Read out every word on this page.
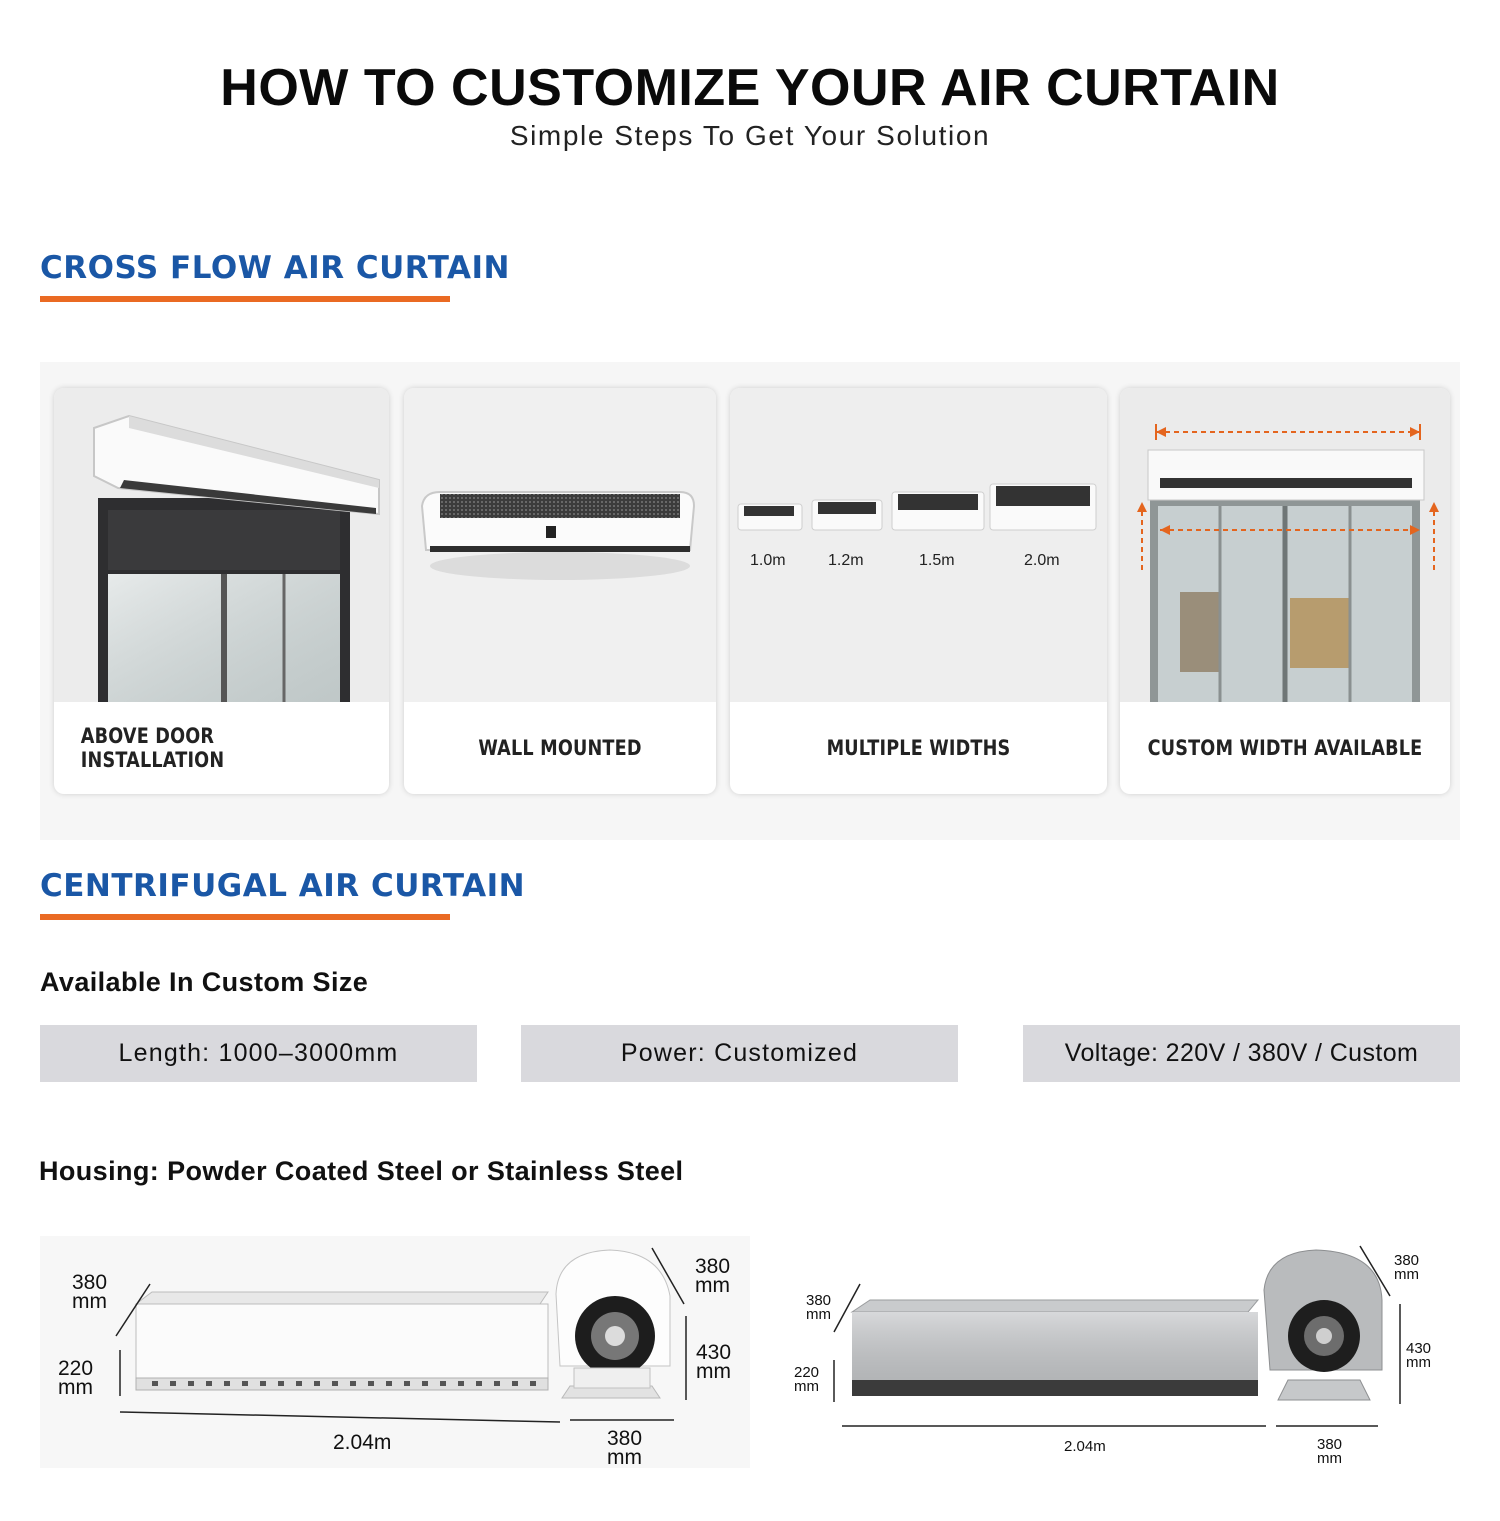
HOW TO CUSTOMIZE YOUR AIR CURTAIN
Simple Steps To Get Your Solution
CROSS FLOW AIR CURTAIN
ABOVE DOOR INSTALLATION	WALL MOUNTED
1.0m	1.2m	1.5m	2.0m
MULTIPLE WIDTHS	CUSTOM WIDTH AVAILABLE
CENTRIFUGAL AIR CURTAIN
Available In Custom Size
Length: 1000–3000mm	Power: Customized	Voltage: 220V / 380V / Custom
Housing: Powder Coated Steel or Stainless Steel
380
mm
220
mm
2.04m
380
mm
430
mm
380
mm
380
mm
220
mm
2.04m
380
mm
430
mm
380
mm
